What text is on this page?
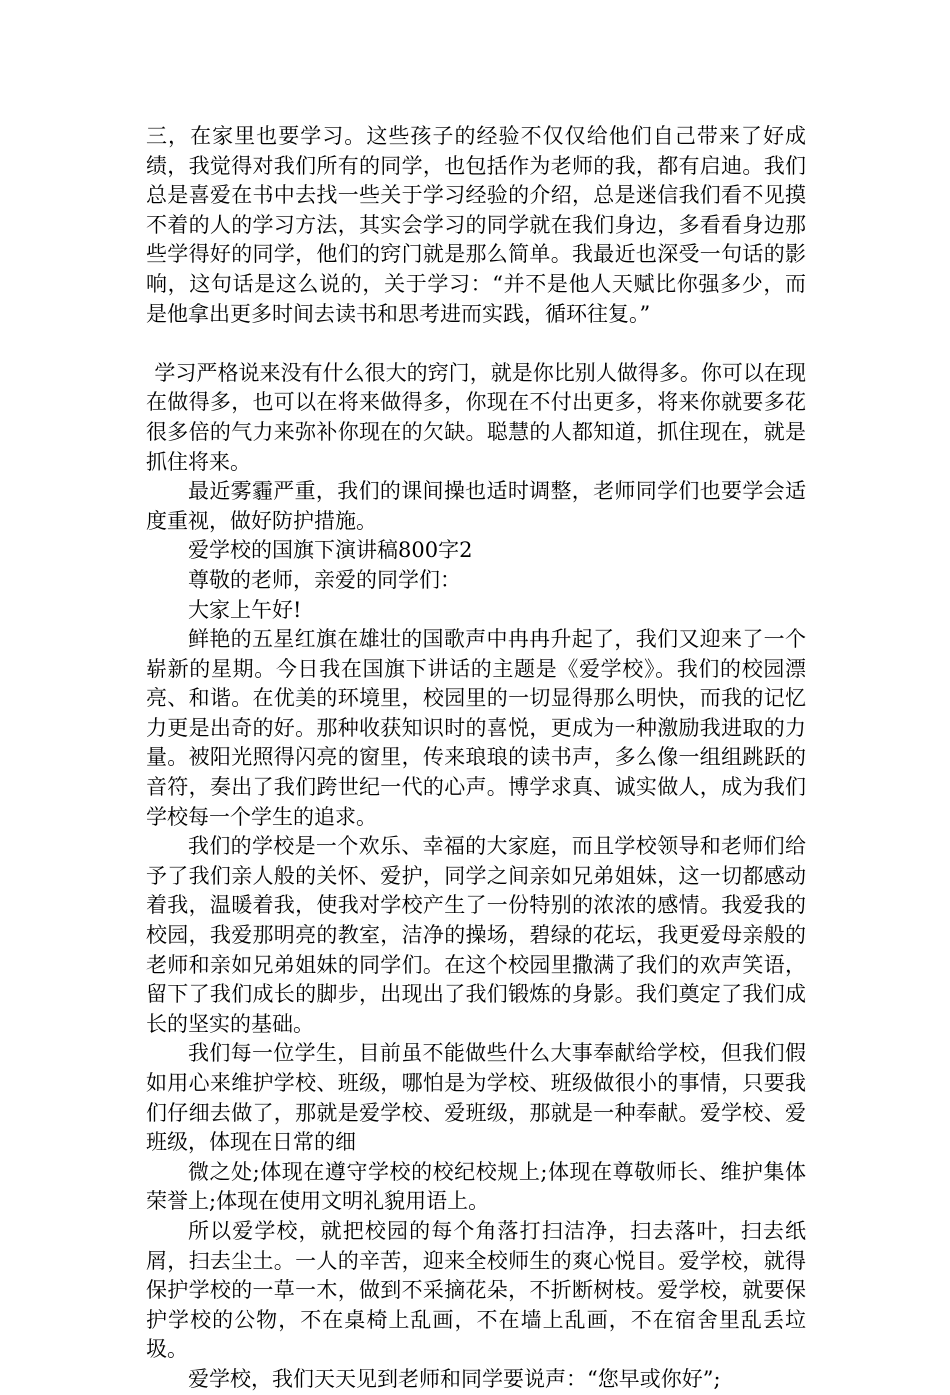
三，在家里也要学习。这些孩子的经验不仅仅给他们自己带来了好成绩，我觉得对我们所有的同学，也包括作为老师的我，都有启迪。我们总是喜爱在书中去找一些关于学习经验的介绍，总是迷信我们看不见摸不着的人的学习方法，其实会学习的同学就在我们身边，多看看身边那些学得好的同学，他们的窍门就是那么简单。我最近也深受一句话的影响，这句话是这么说的，关于学习：“并不是他人天赋比你强多少，而是他拿出更多时间去读书和思考进而实践，循环往复。”

学习严格说来没有什么很大的窍门，就是你比别人做得多。你可以在现在做得多，也可以在将来做得多，你现在不付出更多，将来你就要多花很多倍的气力来弥补你现在的欠缺。聪慧的人都知道，抓住现在，就是抓住将来。

最近雾霾严重，我们的课间操也适时调整，老师同学们也要学会适度重视，做好防护措施。

爱学校的国旗下演讲稿800字2

尊敬的老师，亲爱的同学们：

大家上午好!

鲜艳的五星红旗在雄壮的国歌声中冉冉升起了，我们又迎来了一个崭新的星期。今日我在国旗下讲话的主题是《爱学校》。我们的校园漂亮、和谐。在优美的环境里，校园里的一切显得那么明快，而我的记忆力更是出奇的好。那种收获知识时的喜悦，更成为一种激励我进取的力量。被阳光照得闪亮的窗里，传来琅琅的读书声，多么像一组组跳跃的音符，奏出了我们跨世纪一代的心声。博学求真、诚实做人，成为我们学校每一个学生的追求。

我们的学校是一个欢乐、幸福的大家庭，而且学校领导和老师们给予了我们亲人般的关怀、爱护，同学之间亲如兄弟姐妹，这一切都感动着我，温暖着我，使我对学校产生了一份特别的浓浓的感情。我爱我的校园，我爱那明亮的教室，洁净的操场，碧绿的花坛，我更爱母亲般的老师和亲如兄弟姐妹的同学们。在这个校园里撒满了我们的欢声笑语，留下了我们成长的脚步，出现出了我们锻炼的身影。我们奠定了我们成长的坚实的基础。

我们每一位学生，目前虽不能做些什么大事奉献给学校，但我们假如用心来维护学校、班级，哪怕是为学校、班级做很小的事情，只要我们仔细去做了，那就是爱学校、爱班级，那就是一种奉献。爱学校、爱班级，体现在日常的细

微之处;体现在遵守学校的校纪校规上;体现在尊敬师长、维护集体荣誉上;体现在使用文明礼貌用语上。

所以爱学校，就把校园的每个角落打扫洁净，扫去落叶，扫去纸屑，扫去尘土。一人的辛苦，迎来全校师生的爽心悦目。爱学校，就得保护学校的一草一木，做到不采摘花朵，不折断树枝。爱学校，就要保护学校的公物，不在桌椅上乱画，不在墙上乱画，不在宿舍里乱丢垃圾。

爱学校，我们天天见到老师和同学要说声：“您早或你好”;
